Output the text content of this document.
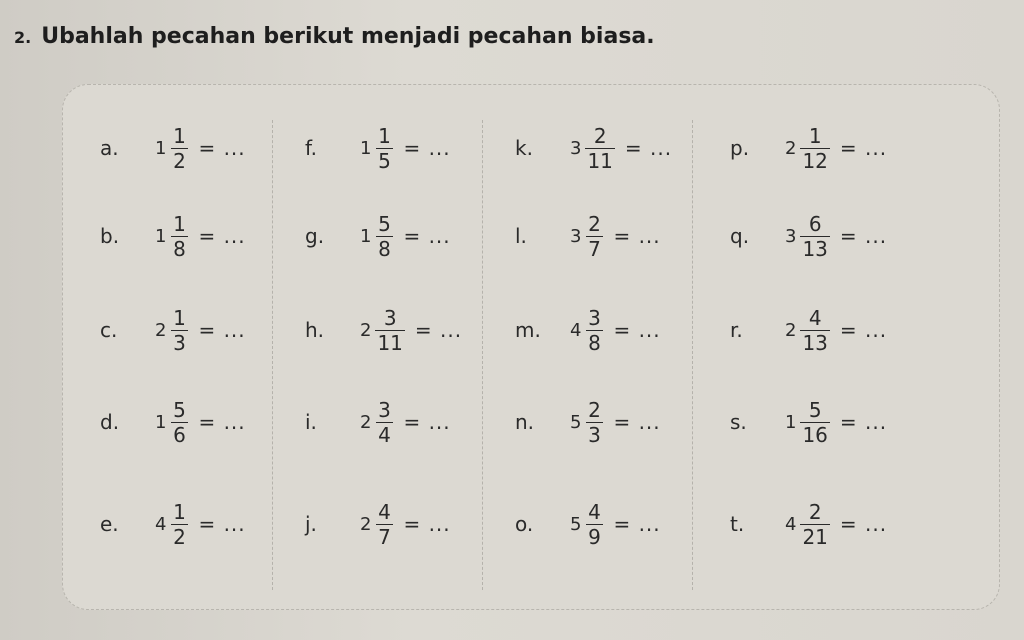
2. Ubahlah pecahan berikut menjadi pecahan biasa.
a. $1 \frac{1}{2}$ = ...
b. $1 \frac{1}{8}$ = ...
c. $2 \frac{1}{3}$ = ...
d. $1 \frac{5}{6}$ = ...
e. $4 \frac{1}{2}$ = ...
f. $1 \frac{1}{5}$ = ...
g. $1 \frac{5}{8}$ = ...
h. $2 \frac{3}{11}$ = ...
i. $2 \frac{3}{4}$ = ...
j. $2 \frac{4}{7}$ = ...
k. $3 \frac{2}{11}$ = ...
l. $3 \frac{2}{7}$ = ...
m. $4 \frac{3}{8}$ = ...
n. $5 \frac{2}{3}$ = ...
o. $5 \frac{4}{9}$ = ...
p. $2 \frac{1}{12}$ = ...
q. $3 \frac{6}{13}$ = ...
r. $2 \frac{4}{13}$ = ...
s. $1 \frac{5}{16}$ = ...
t. $4 \frac{2}{21}$ = ...
